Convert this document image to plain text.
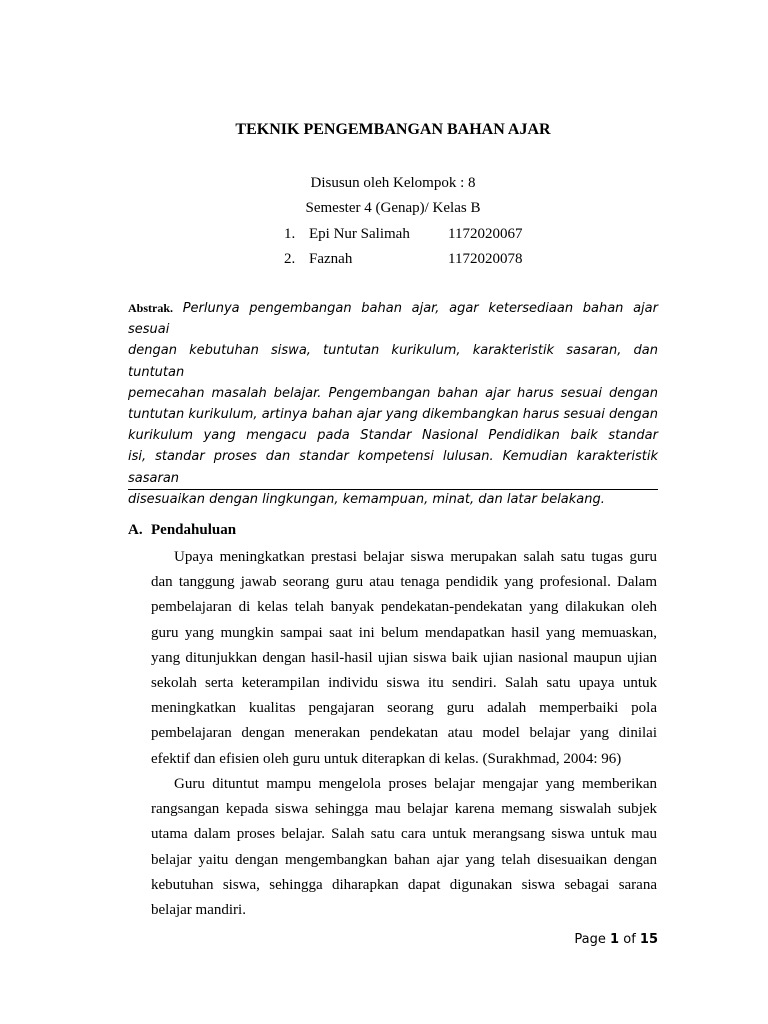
TEKNIK PENGEMBANGAN BAHAN AJAR
Disusun oleh Kelompok : 8
Semester 4 (Genap)/ Kelas B
1. Epi Nur Salimah	1172020067
2. Faznah	1172020078
Abstrak. Perlunya pengembangan bahan ajar, agar ketersediaan bahan ajar sesuai
dengan kebutuhan siswa, tuntutan kurikulum, karakteristik sasaran, dan tuntutan
pemecahan masalah belajar. Pengembangan bahan ajar harus sesuai dengan
tuntutan kurikulum, artinya bahan ajar yang dikembangkan harus sesuai dengan
kurikulum yang mengacu pada Standar Nasional Pendidikan baik standar
isi, standar proses dan standar kompetensi lulusan. Kemudian karakteristik
sasaran
disesuaikan dengan lingkungan, kemampuan, minat, dan latar belakang.
A. Pendahuluan
Upaya meningkatkan prestasi belajar siswa merupakan salah satu tugas guru
dan tanggung jawab seorang guru atau tenaga pendidik yang profesional. Dalam
pembelajaran di kelas telah banyak pendekatan-pendekatan yang dilakukan oleh
guru yang mungkin sampai saat ini belum mendapatkan hasil yang memuaskan,
yang ditunjukkan dengan hasil-hasil ujian siswa baik ujian nasional maupun ujian
sekolah serta keterampilan individu siswa itu sendiri. Salah satu upaya untuk
meningkatkan kualitas pengajaran seorang guru adalah memperbaiki pola
pembelajaran dengan menerakan pendekatan atau model belajar yang dinilai
efektif dan efisien oleh guru untuk diterapkan di kelas. (Surakhmad, 2004: 96)
Guru dituntut mampu mengelola proses belajar mengajar yang memberikan
rangsangan kepada siswa sehingga mau belajar karena memang siswalah subjek
utama dalam proses belajar. Salah satu cara untuk merangsang siswa untuk mau
belajar yaitu dengan mengembangkan bahan ajar yang telah disesuaikan dengan
kebutuhan siswa, sehingga diharapkan dapat digunakan siswa sebagai sarana
belajar mandiri.
Page 1 of 15
